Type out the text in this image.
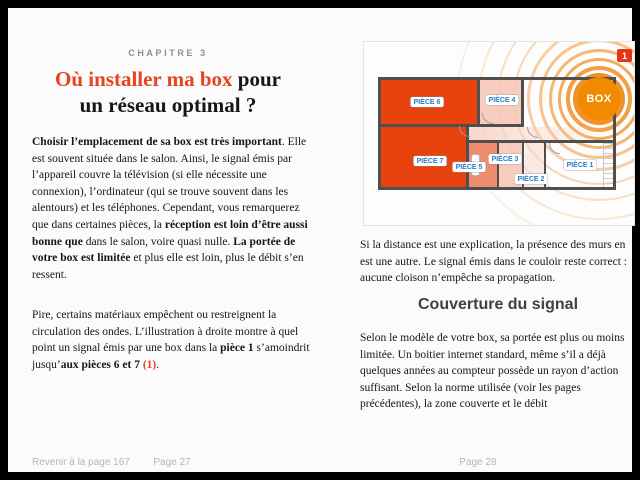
CHAPITRE 3
Où installer ma box pour
un réseau optimal ?

Choisir l’emplacement de sa box est très important. Elle est souvent située dans le salon. Ainsi, le signal émis par l’appareil couvre la télévision (si elle nécessite une connexion), l’ordinateur (qui se trouve souvent dans les alentours) et les téléphones. Cependant, vous remarquerez que dans certaines pièces, la réception est loin d’être aussi bonne que dans le salon, voire quasi nulle. La portée de votre box est limitée et plus elle est loin, plus le débit s’en ressent.

Pire, certains matériaux empêchent ou restreignent la circulation des ondes. L’illustration à droite montre à quel point un signal émis par une box dans la pièce 1 s’amoindrit jusqu’aux pièces 6 et 7 (1).

PIÈCE 6
PIÈCE 7
PIÈCE 4
PIÈCE 5
PIÈCE 3
PIÈCE 2
PIÈCE 1
BOX
1

Si la distance est une explication, la présence des murs en est une autre. Le signal émis dans le couloir reste correct : aucune cloison n’empêche sa propagation.

Couverture du signal

Selon le modèle de votre box, sa portée est plus ou moins limitée. Un boitier internet standard, même s’il a déjà quelques années au compteur possède un rayon d’action suffisant. Selon la norme utilisée (voir les pages précédentes), la zone couverte et le débit

Revenir à la page 167	Page 27	Page 28
